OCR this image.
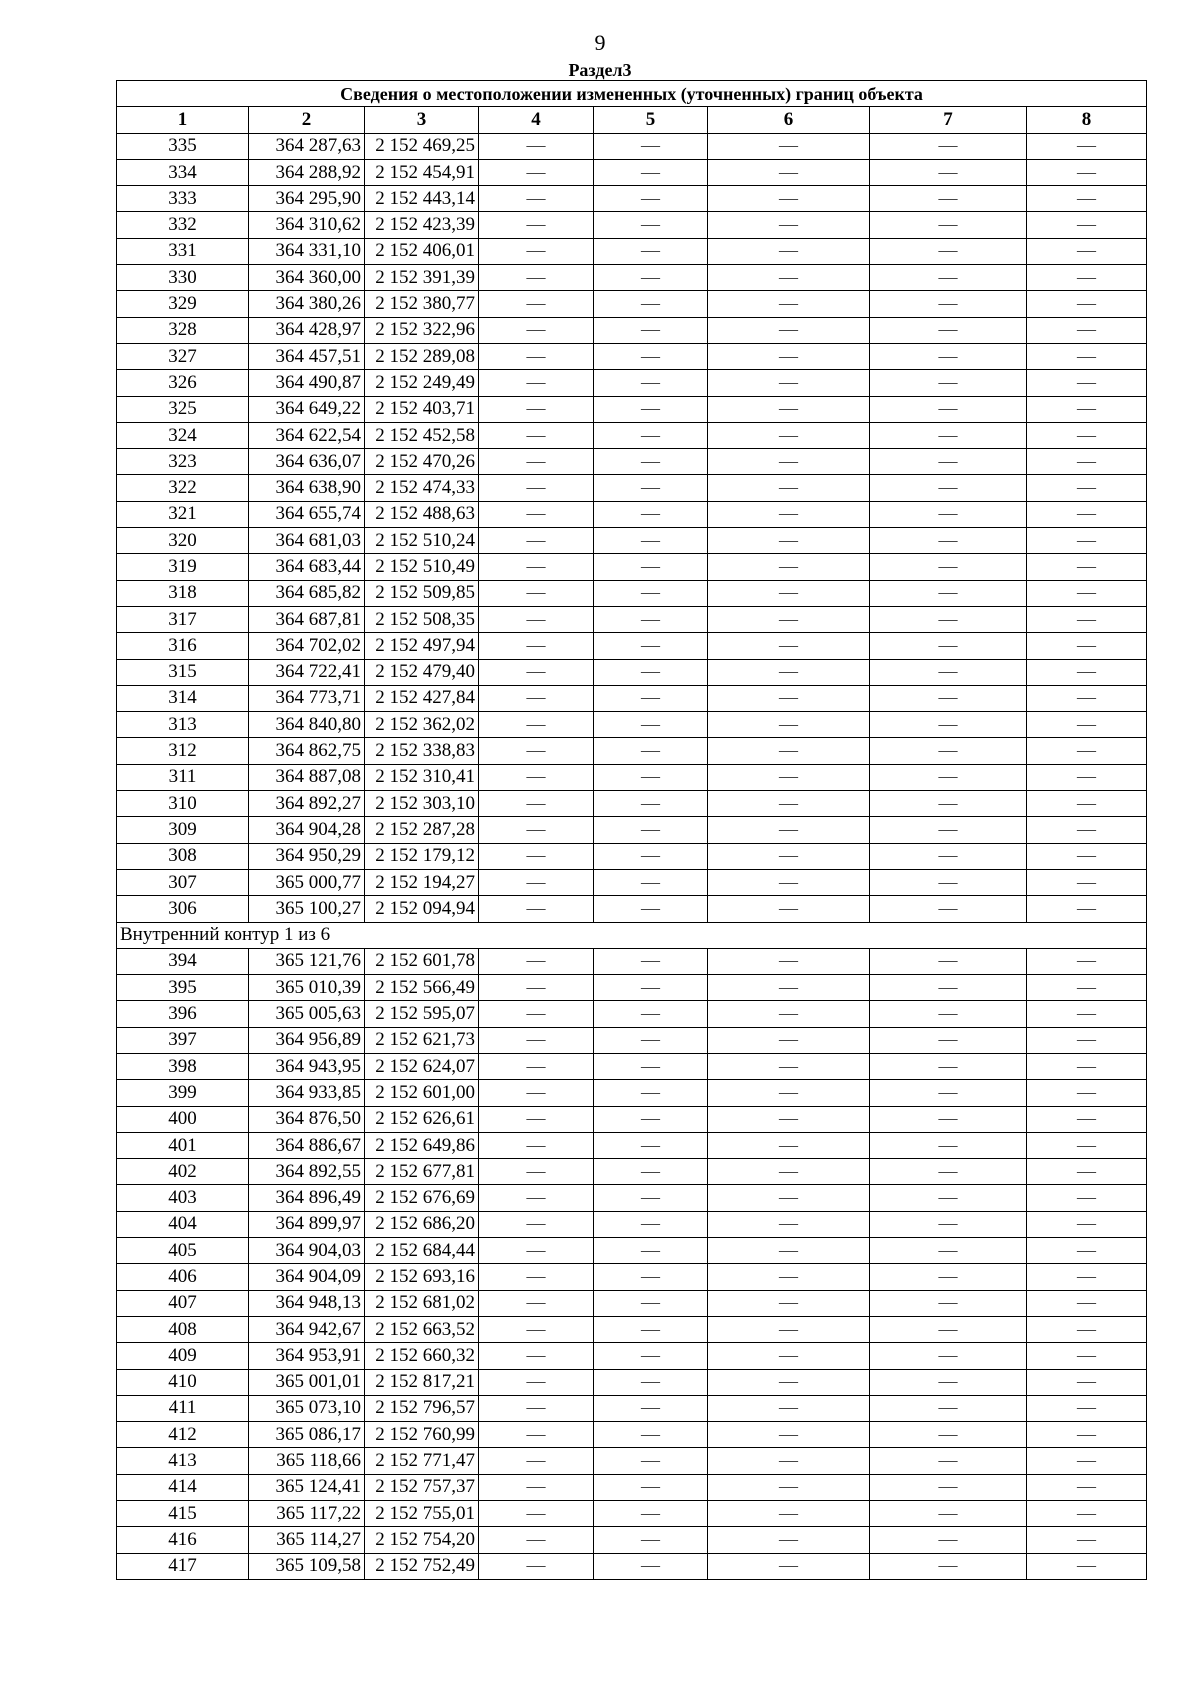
9
Раздел3
Сведения о местоположении измененных (уточненных) границ объекта							
1	2	3	4	5	6	7	8
335	364 287,63	2 152 469,25	—	—	—	—	—
334	364 288,92	2 152 454,91	—	—	—	—	—
333	364 295,90	2 152 443,14	—	—	—	—	—
332	364 310,62	2 152 423,39	—	—	—	—	—
331	364 331,10	2 152 406,01	—	—	—	—	—
330	364 360,00	2 152 391,39	—	—	—	—	—
329	364 380,26	2 152 380,77	—	—	—	—	—
328	364 428,97	2 152 322,96	—	—	—	—	—
327	364 457,51	2 152 289,08	—	—	—	—	—
326	364 490,87	2 152 249,49	—	—	—	—	—
325	364 649,22	2 152 403,71	—	—	—	—	—
324	364 622,54	2 152 452,58	—	—	—	—	—
323	364 636,07	2 152 470,26	—	—	—	—	—
322	364 638,90	2 152 474,33	—	—	—	—	—
321	364 655,74	2 152 488,63	—	—	—	—	—
320	364 681,03	2 152 510,24	—	—	—	—	—
319	364 683,44	2 152 510,49	—	—	—	—	—
318	364 685,82	2 152 509,85	—	—	—	—	—
317	364 687,81	2 152 508,35	—	—	—	—	—
316	364 702,02	2 152 497,94	—	—	—	—	—
315	364 722,41	2 152 479,40	—	—	—	—	—
314	364 773,71	2 152 427,84	—	—	—	—	—
313	364 840,80	2 152 362,02	—	—	—	—	—
312	364 862,75	2 152 338,83	—	—	—	—	—
311	364 887,08	2 152 310,41	—	—	—	—	—
310	364 892,27	2 152 303,10	—	—	—	—	—
309	364 904,28	2 152 287,28	—	—	—	—	—
308	364 950,29	2 152 179,12	—	—	—	—	—
307	365 000,77	2 152 194,27	—	—	—	—	—
306	365 100,27	2 152 094,94	—	—	—	—	—
Внутренний контур 1 из 6							
394	365 121,76	2 152 601,78	—	—	—	—	—
395	365 010,39	2 152 566,49	—	—	—	—	—
396	365 005,63	2 152 595,07	—	—	—	—	—
397	364 956,89	2 152 621,73	—	—	—	—	—
398	364 943,95	2 152 624,07	—	—	—	—	—
399	364 933,85	2 152 601,00	—	—	—	—	—
400	364 876,50	2 152 626,61	—	—	—	—	—
401	364 886,67	2 152 649,86	—	—	—	—	—
402	364 892,55	2 152 677,81	—	—	—	—	—
403	364 896,49	2 152 676,69	—	—	—	—	—
404	364 899,97	2 152 686,20	—	—	—	—	—
405	364 904,03	2 152 684,44	—	—	—	—	—
406	364 904,09	2 152 693,16	—	—	—	—	—
407	364 948,13	2 152 681,02	—	—	—	—	—
408	364 942,67	2 152 663,52	—	—	—	—	—
409	364 953,91	2 152 660,32	—	—	—	—	—
410	365 001,01	2 152 817,21	—	—	—	—	—
411	365 073,10	2 152 796,57	—	—	—	—	—
412	365 086,17	2 152 760,99	—	—	—	—	—
413	365 118,66	2 152 771,47	—	—	—	—	—
414	365 124,41	2 152 757,37	—	—	—	—	—
415	365 117,22	2 152 755,01	—	—	—	—	—
416	365 114,27	2 152 754,20	—	—	—	—	—
417	365 109,58	2 152 752,49	—	—	—	—	—
